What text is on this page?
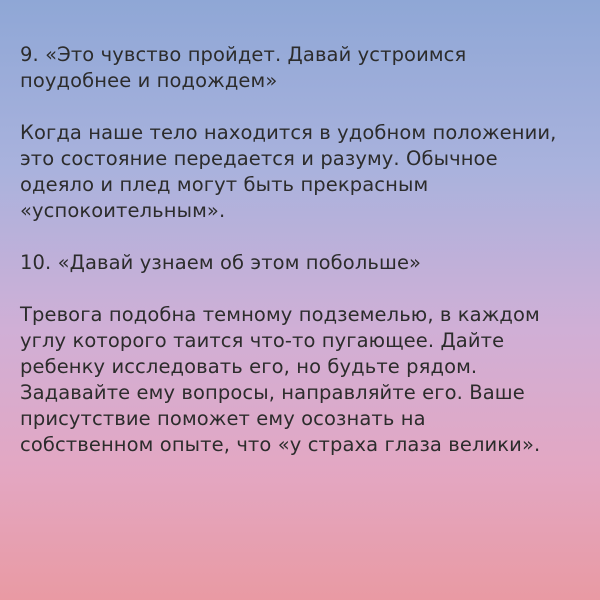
9. «Это чувство пройдет. Давай устроимся
поудобнее и подождем»

Когда наше тело находится в удобном положении,
это состояние передается и разуму. Обычное
одеяло и плед могут быть прекрасным
«успокоительным».

10. «Давай узнаем об этом побольше»

Тревога подобна темному подземелью, в каждом
углу которого таится что-то пугающее. Дайте
ребенку исследовать его, но будьте рядом.
Задавайте ему вопросы, направляйте его. Ваше
присутствие поможет ему осознать на
собственном опыте, что «у страха глаза велики».
